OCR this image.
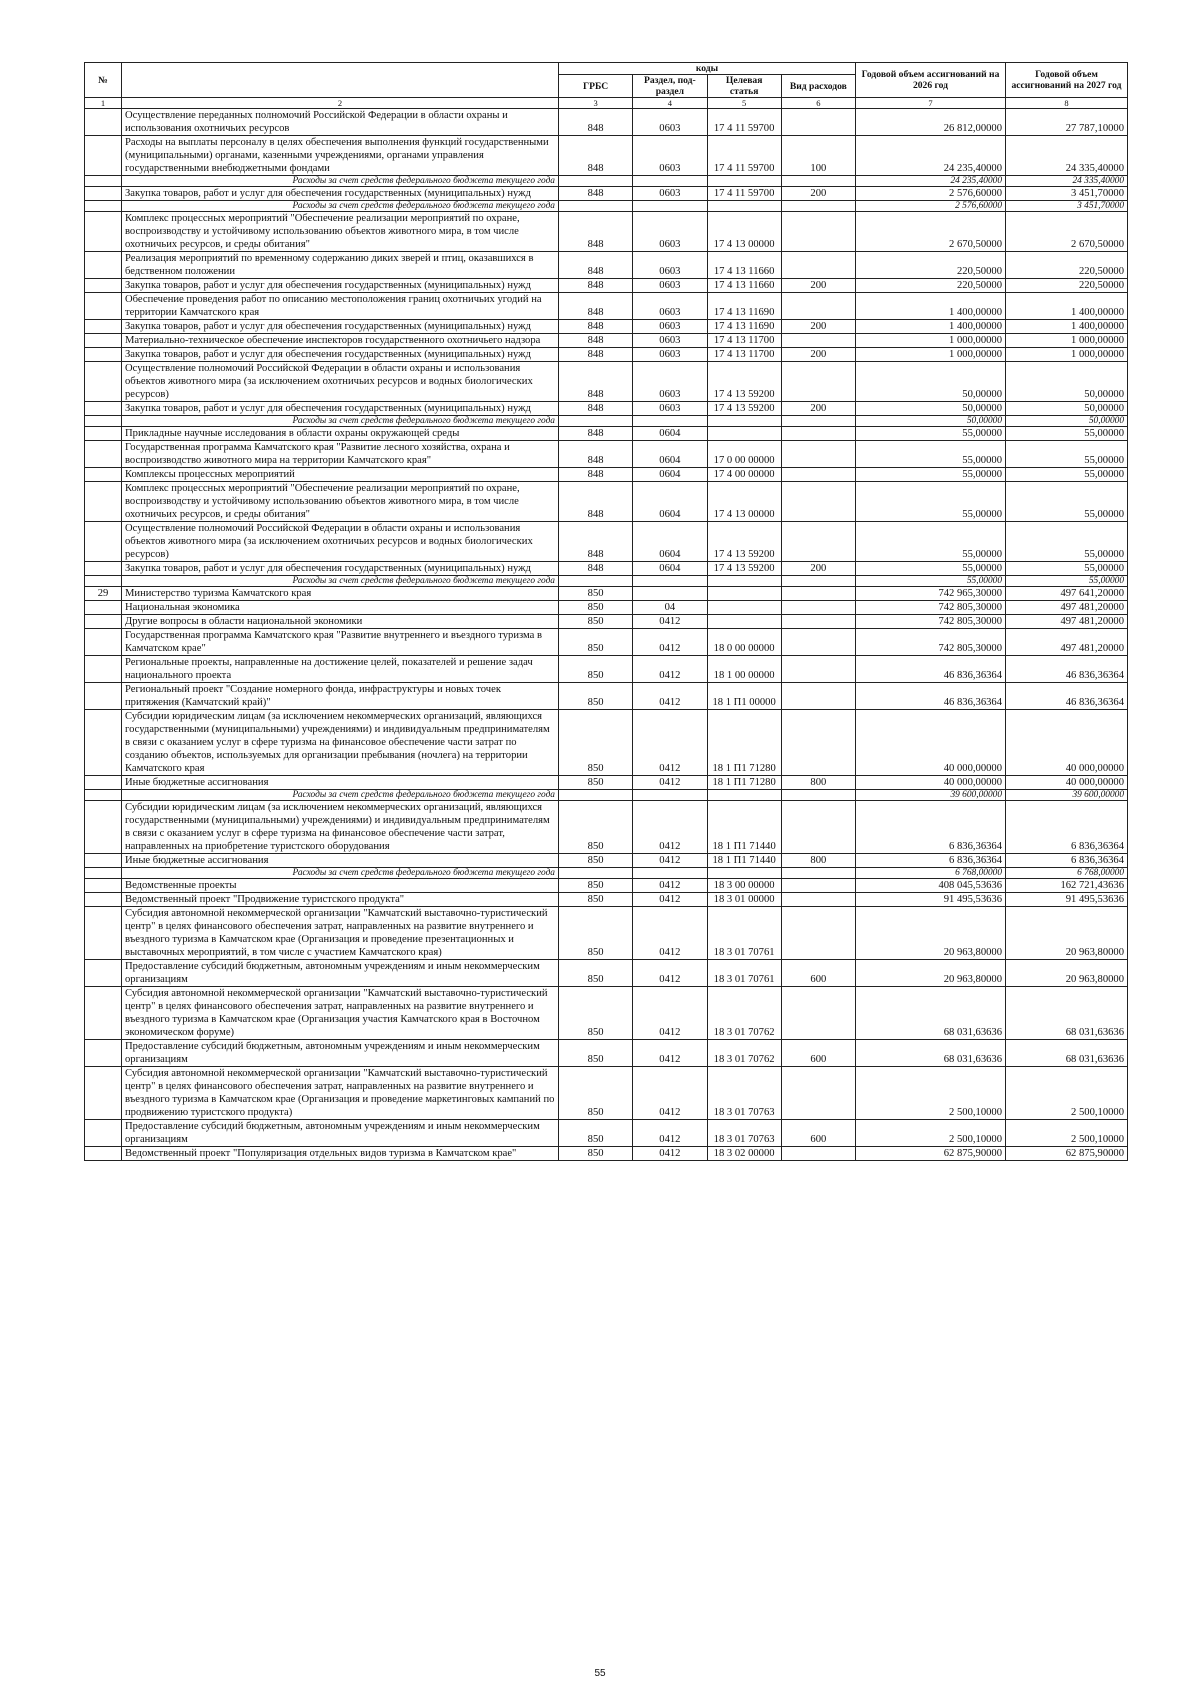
№		коды				Годовой объем ассигнований на 2026 год	Годовой объем ассигнований на 2027 год
		ГРБС	Раздел, под-раздел	Целевая статья	Вид расходов		
1	2	3	4	5	6	7	8
	Осуществление переданных полномочий Российской Федерации в области охраны и использования охотничьих ресурсов	848	0603	17 4 11 59700		26 812,00000	27 787,10000
	Расходы на выплаты персоналу в целях обеспечения выполнения функций государственными (муниципальными) органами, казенными учреждениями, органами управления государственными внебюджетными фондами	848	0603	17 4 11 59700	100	24 235,40000	24 335,40000
	Расходы за счет средств федерального бюджета текущего года					24 235,40000	24 335,40000
	Закупка товаров, работ и услуг для обеспечения государственных (муниципальных) нужд	848	0603	17 4 11 59700	200	2 576,60000	3 451,70000
	Расходы за счет средств федерального бюджета текущего года					2 576,60000	3 451,70000
	Комплекс процессных мероприятий "Обеспечение реализации мероприятий по охране, воспроизводству и устойчивому использованию объектов животного мира, в том числе охотничьих ресурсов, и среды обитания"	848	0603	17 4 13 00000		2 670,50000	2 670,50000
	Реализация мероприятий по временному содержанию диких зверей и птиц, оказавшихся в бедственном положении	848	0603	17 4 13 11660		220,50000	220,50000
	Закупка товаров, работ и услуг для обеспечения государственных (муниципальных) нужд	848	0603	17 4 13 11660	200	220,50000	220,50000
	Обеспечение проведения работ по описанию местоположения границ охотничьих угодий на территории Камчатского края	848	0603	17 4 13 11690		1 400,00000	1 400,00000
	Закупка товаров, работ и услуг для обеспечения государственных (муниципальных) нужд	848	0603	17 4 13 11690	200	1 400,00000	1 400,00000
	Материально-техническое обеспечение инспекторов государственного охотничьего надзора	848	0603	17 4 13 11700		1 000,00000	1 000,00000
	Закупка товаров, работ и услуг для обеспечения государственных (муниципальных) нужд	848	0603	17 4 13 11700	200	1 000,00000	1 000,00000
	Осуществление полномочий Российской Федерации в области охраны и использования объектов животного мира (за исключением охотничьих ресурсов и водных биологических ресурсов)	848	0603	17 4 13 59200		50,00000	50,00000
	Закупка товаров, работ и услуг для обеспечения государственных (муниципальных) нужд	848	0603	17 4 13 59200	200	50,00000	50,00000
	Расходы за счет средств федерального бюджета текущего года					50,00000	50,00000
	Прикладные научные исследования в области охраны окружающей среды	848	0604			55,00000	55,00000
	Государственная программа Камчатского края "Развитие лесного хозяйства, охрана и воспроизводство животного мира на территории Камчатского края"	848	0604	17 0 00 00000		55,00000	55,00000
	Комплексы процессных мероприятий	848	0604	17 4 00 00000		55,00000	55,00000
	Комплекс процессных мероприятий "Обеспечение реализации мероприятий по охране, воспроизводству и устойчивому использованию объектов животного мира, в том числе охотничьих ресурсов, и среды обитания"	848	0604	17 4 13 00000		55,00000	55,00000
	Осуществление полномочий Российской Федерации в области охраны и использования объектов животного мира (за исключением охотничьих ресурсов и водных биологических ресурсов)	848	0604	17 4 13 59200		55,00000	55,00000
	Закупка товаров, работ и услуг для обеспечения государственных (муниципальных) нужд	848	0604	17 4 13 59200	200	55,00000	55,00000
	Расходы за счет средств федерального бюджета текущего года					55,00000	55,00000
29	Министерство туризма Камчатского края	850				742 965,30000	497 641,20000
	Национальная экономика	850	04			742 805,30000	497 481,20000
	Другие вопросы в области национальной экономики	850	0412			742 805,30000	497 481,20000
	Государственная программа Камчатского края "Развитие внутреннего и въездного туризма в Камчатском крае"	850	0412	18 0 00 00000		742 805,30000	497 481,20000
	Региональные проекты, направленные на достижение целей, показателей и решение задач национального проекта	850	0412	18 1 00 00000		46 836,36364	46 836,36364
	Региональный проект "Создание номерного фонда, инфраструктуры и новых точек притяжения (Камчатский край)"	850	0412	18 1 П1 00000		46 836,36364	46 836,36364
	Субсидии юридическим лицам (за исключением некоммерческих организаций, являющихся государственными (муниципальными) учреждениями) и индивидуальным предпринимателям в связи с оказанием услуг в сфере туризма на финансовое обеспечение части затрат по созданию объектов, используемых для организации пребывания (ночлега) на территории Камчатского края	850	0412	18 1 П1 71280		40 000,00000	40 000,00000
	Иные бюджетные ассигнования	850	0412	18 1 П1 71280	800	40 000,00000	40 000,00000
	Расходы за счет средств федерального бюджета текущего года					39 600,00000	39 600,00000
	Субсидии юридическим лицам (за исключением некоммерческих организаций, являющихся государственными (муниципальными) учреждениями) и индивидуальным предпринимателям в связи с оказанием услуг в сфере туризма на финансовое обеспечение части затрат, направленных на приобретение туристского оборудования	850	0412	18 1 П1 71440		6 836,36364	6 836,36364
	Иные бюджетные ассигнования	850	0412	18 1 П1 71440	800	6 836,36364	6 836,36364
	Расходы за счет средств федерального бюджета текущего года					6 768,00000	6 768,00000
	Ведомственные проекты	850	0412	18 3 00 00000		408 045,53636	162 721,43636
	Ведомственный проект "Продвижение туристского продукта"	850	0412	18 3 01 00000		91 495,53636	91 495,53636
	Субсидия автономной некоммерческой организации "Камчатский выставочно-туристический центр" в целях финансового обеспечения затрат, направленных на развитие внутреннего и въездного туризма в Камчатском крае (Организация и проведение презентационных и выставочных мероприятий, в том числе с участием Камчатского края)	850	0412	18 3 01 70761		20 963,80000	20 963,80000
	Предоставление субсидий бюджетным, автономным учреждениям и иным некоммерческим организациям	850	0412	18 3 01 70761	600	20 963,80000	20 963,80000
	Субсидия автономной некоммерческой организации "Камчатский выставочно-туристический центр" в целях финансового обеспечения затрат, направленных на развитие внутреннего и въездного туризма в Камчатском крае (Организация участия Камчатского края в Восточном экономическом форуме)	850	0412	18 3 01 70762		68 031,63636	68 031,63636
	Предоставление субсидий бюджетным, автономным учреждениям и иным некоммерческим организациям	850	0412	18 3 01 70762	600	68 031,63636	68 031,63636
	Субсидия автономной некоммерческой организации "Камчатский выставочно-туристический центр" в целях финансового обеспечения затрат, направленных на развитие внутреннего и въездного туризма в Камчатском крае (Организация и проведение маркетинговых кампаний по продвижению туристского продукта)	850	0412	18 3 01 70763		2 500,10000	2 500,10000
	Предоставление субсидий бюджетным, автономным учреждениям и иным некоммерческим организациям	850	0412	18 3 01 70763	600	2 500,10000	2 500,10000
	Ведомственный проект "Популяризация отдельных видов туризма в Камчатском крае"	850	0412	18 3 02 00000		62 875,90000	62 875,90000
55
